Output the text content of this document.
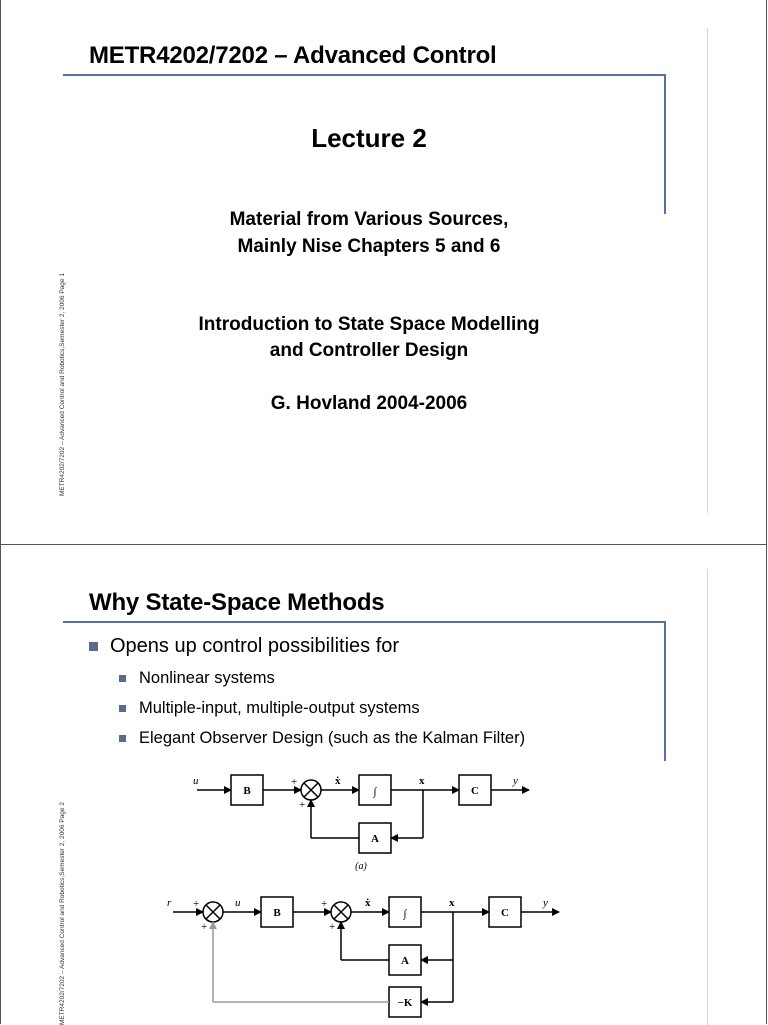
METR4202/7202 – Advanced Control
Lecture 2
Material from Various Sources,
Mainly Nise Chapters 5 and 6
Introduction to State Space Modelling
and Controller Design
G. Hovland 2004-2006
METR4202/7202 – Advanced Control and Robotics,Semester 2, 2006 Page 1
Why State-Space Methods
Opens up control possibilities for
Nonlinear systems
Multiple-input, multiple-output systems
Elegant Observer Design (such as the Kalman Filter)
u
B
+
+
ẋ
∫
x
C
y
A
(a)
r +
+
u
B
+
+
ẋ
∫
x
C
y
A
−K
METR4202/7202 – Advanced Control and Robotics,Semester 2, 2006 Page 2
